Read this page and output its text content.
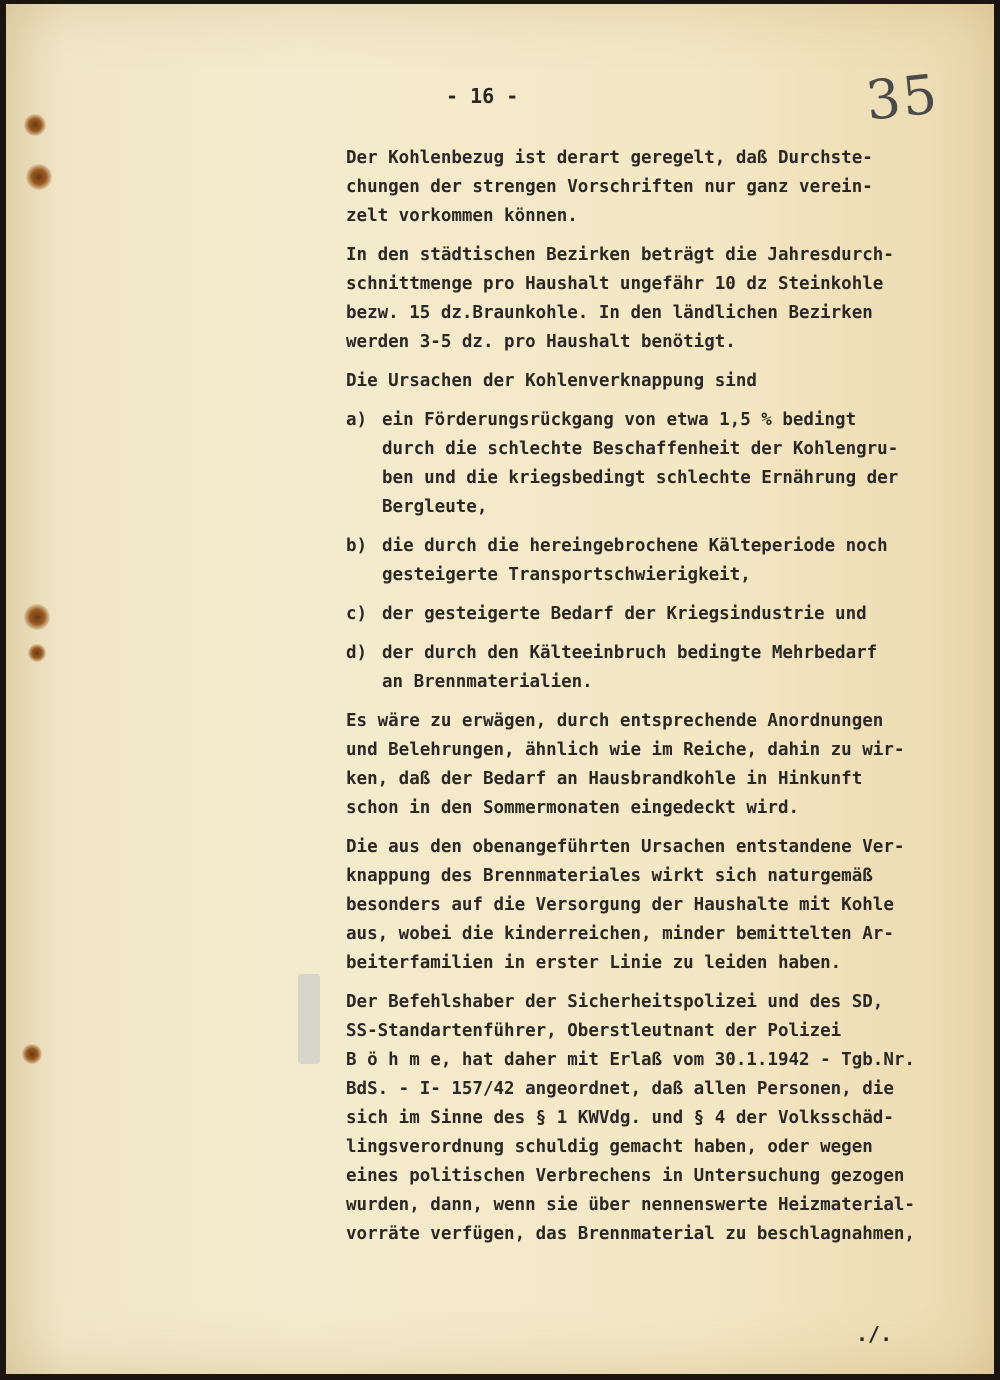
- 16 -	35

Der Kohlenbezug ist derart geregelt, daß Durchste-
chungen der strengen Vorschriften nur ganz verein-
zelt vorkommen können.

In den städtischen Bezirken beträgt die Jahresdurch-
schnittmenge pro Haushalt ungefähr 10 dz Steinkohle
bezw. 15 dz.Braunkohle. In den ländlichen Bezirken
werden 3-5 dz. pro Haushalt benötigt.

Die Ursachen der Kohlenverknappung sind

a) ein Förderungsrückgang von etwa 1,5 % bedingt
durch die schlechte Beschaffenheit der Kohlengru-
ben und die kriegsbedingt schlechte Ernährung der
Bergleute,
b) die durch die hereingebrochene Kälteperiode noch
gesteigerte Transportschwierigkeit,
c) der gesteigerte Bedarf der Kriegsindustrie und
d) der durch den Kälteeinbruch bedingte Mehrbedarf
an Brennmaterialien.

Es wäre zu erwägen, durch entsprechende Anordnungen
und Belehrungen, ähnlich wie im Reiche, dahin zu wir-
ken, daß der Bedarf an Hausbrandkohle in Hinkunft
schon in den Sommermonaten eingedeckt wird.

Die aus den obenangeführten Ursachen entstandene Ver-
knappung des Brennmateriales wirkt sich naturgemäß
besonders auf die Versorgung der Haushalte mit Kohle
aus, wobei die kinderreichen, minder bemittelten Ar-
beiterfamilien in erster Linie zu leiden haben.

Der Befehlshaber der Sicherheitspolizei und des SD,
SS-Standartenführer, Oberstleutnant der Polizei
B ö h m e, hat daher mit Erlaß vom 30.1.1942 - Tgb.Nr.
BdS. - I- 157/42 angeordnet, daß allen Personen, die
sich im Sinne des § 1 KWVdg. und § 4 der Volksschäd-
lingsverordnung schuldig gemacht haben, oder wegen
eines politischen Verbrechens in Untersuchung gezogen
wurden, dann, wenn sie über nennenswerte Heizmaterial-
vorräte verfügen, das Brennmaterial zu beschlagnahmen,

./.
